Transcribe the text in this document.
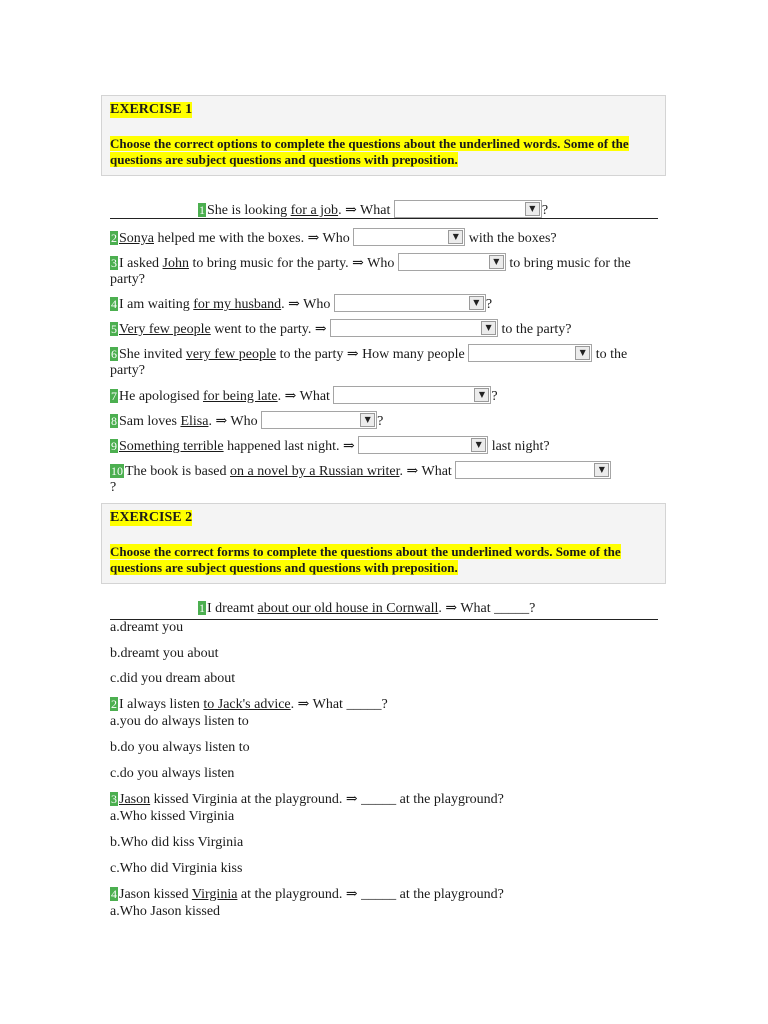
EXERCISE 1
Choose the correct options to complete the questions about the underlined words. Some of the questions are subject questions and questions with preposition.
1 She is looking for a job. ⇒ What	▼ ?
2 Sonya helped me with the boxes. ⇒ Who	▼ with the boxes?
3 I asked John to bring music for the party. ⇒ Who	▼ to bring music for the party?
4 I am waiting for my husband. ⇒ Who	▼ ?
5 Very few people went to the party. ⇒	▼ to the party?
6 She invited very few people to the party ⇒ How many people	▼ to the party?
7 He apologised for being late. ⇒ What	▼ ?
8 Sam loves Elisa. ⇒ Who	▼ ?
9 Something terrible happened last night. ⇒	▼ last night?
10 The book is based on a novel by a Russian writer. ⇒ What	▼
?
EXERCISE 2
Choose the correct forms to complete the questions about the underlined words. Some of the questions are subject questions and questions with preposition.
1 I dreamt about our old house in Cornwall. ⇒ What _____?
a.dreamt you
b.dreamt you about
c.did you dream about
2 I always listen to Jack's advice. ⇒ What _____?
a.you do always listen to
b.do you always listen to
c.do you always listen
3 Jason kissed Virginia at the playground. ⇒ _____ at the playground?
a.Who kissed Virginia
b.Who did kiss Virginia
c.Who did Virginia kiss
4 Jason kissed Virginia at the playground. ⇒ _____ at the playground?
a.Who Jason kissed
